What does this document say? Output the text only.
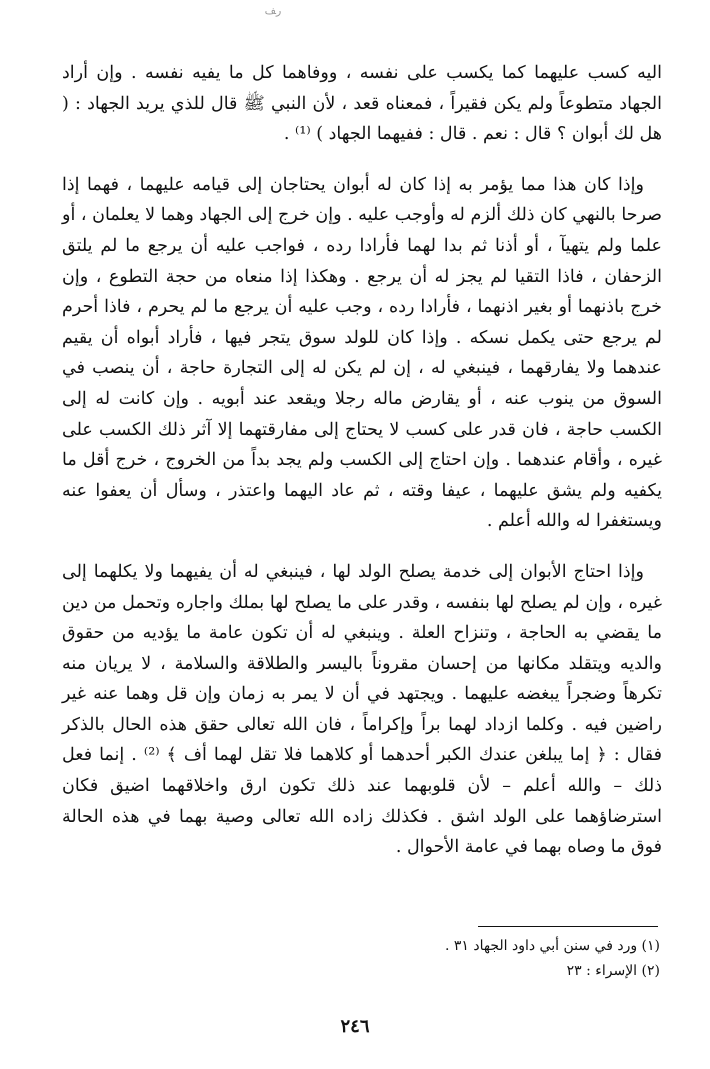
ﺭﻒ

اليه كسب عليهما كما يكسب على نفسه ، ووفاهما كل ما يفيه نفسه . وإن أراد الجهاد متطوعاً ولم يكن فقيراً ، فمعناه قعد ، لأن النبي ﷺ قال للذي يريد الجهاد : ( هل لك أبوان ؟ قال : نعم . قال : ففيهما الجهاد ) ⁽¹⁾ .

وإذا كان هذا مما يؤمر به إذا كان له أبوان يحتاجان إلى قيامه عليهما ، فهما إذا صرحا بالنهي كان ذلك ألزم له وأوجب عليه . وإن خرج إلى الجهاد وهما لا يعلمان ، أو علما ولم يتهيآ ، أو أذنا ثم بدا لهما فأرادا رده ، فواجب عليه أن يرجع ما لم يلتق الزحفان ، فاذا التقيا لم يجز له أن يرجع . وهكذا إذا منعاه من حجة التطوع ، وإن خرج باذنهما أو بغير اذنهما ، فأرادا رده ، وجب عليه أن يرجع ما لم يحرم ، فاذا أحرم لم يرجع حتى يكمل نسكه . وإذا كان للولد سوق يتجر فيها ، فأراد أبواه أن يقيم عندهما ولا يفارقهما ، فينبغي له ، إن لم يكن له إلى التجارة حاجة ، أن ينصب في السوق من ينوب عنه ، أو يقارض ماله رجلا ويقعد عند أبويه . وإن كانت له إلى الكسب حاجة ، فان قدر على كسب لا يحتاج إلى مفارقتهما إلا آثر ذلك الكسب على غيره ، وأقام عندهما . وإن احتاج إلى الكسب ولم يجد بداً من الخروج ، خرج أقل ما يكفيه ولم يشق عليهما ، عيفا وقته ، ثم عاد اليهما واعتذر ، وسأل أن يعفوا عنه ويستغفرا له والله أعلم .

وإذا احتاج الأبوان إلى خدمة يصلح الولد لها ، فينبغي له أن يفيهما ولا يكلهما إلى غيره ، وإن لم يصلح لها بنفسه ، وقدر على ما يصلح لها بملك واجاره وتحمل من دين ما يقضي به الحاجة ، وتنزاح العلة . وينبغي له أن تكون عامة ما يؤديه من حقوق والديه ويتقلد مكانها من إحسان مقروناً باليسر والطلاقة والسلامة ، لا يريان منه تكرهاً وضجراً يبغضه عليهما . ويجتهد في أن لا يمر به زمان وإن قل وهما عنه غير راضين فيه . وكلما ازداد لهما براً وإكراماً ، فان الله تعالى حقق هذه الحال بالذكر فقال : ﴿ إما يبلغن عندك الكبر أحدهما أو كلاهما فلا تقل لهما أف ﴾ ⁽²⁾ . إنما فعل ذلك – والله أعلم – لأن قلوبهما عند ذلك تكون ارق واخلاقهما اضيق فكان استرضاؤهما على الولد اشق . فكذلك زاده الله تعالى وصية بهما في هذه الحالة فوق ما وصاه بهما في عامة الأحوال .

(١) ورد في سنن أبي داود الجهاد ٣١ .

(٢) الإسراء : ٢٣

٢٤٦
